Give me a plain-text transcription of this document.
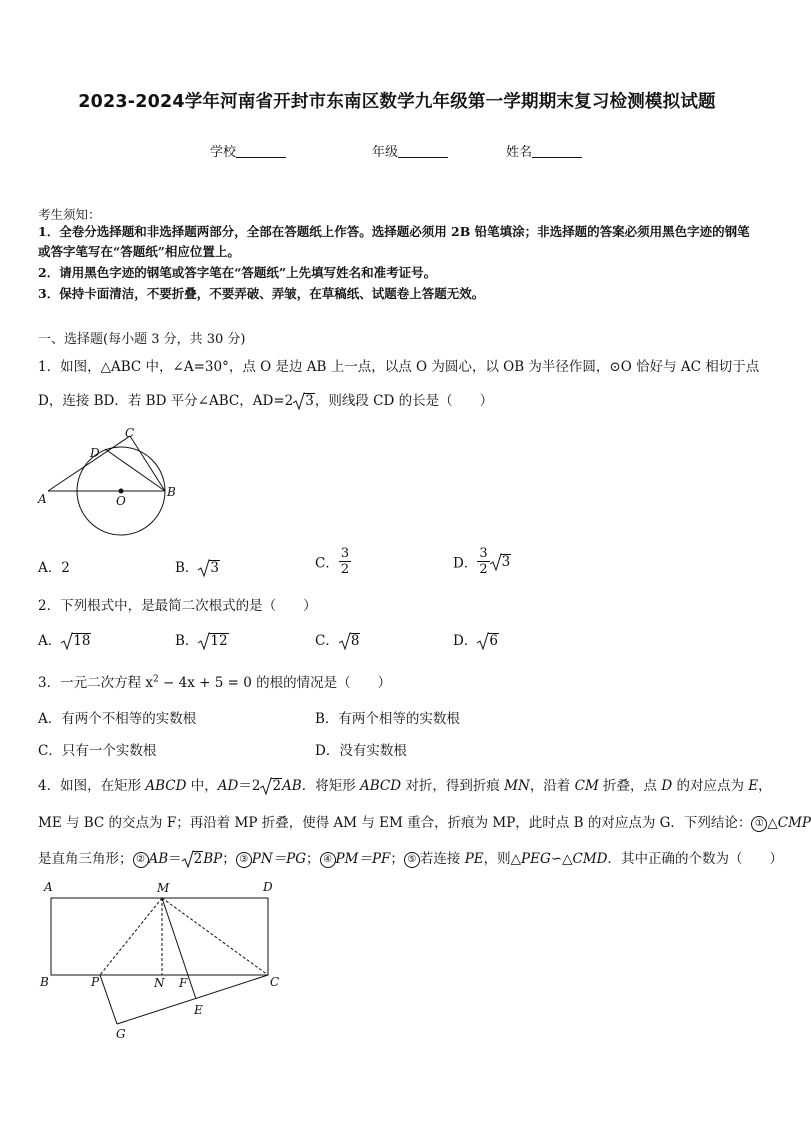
2023-2024学年河南省开封市东南区数学九年级第一学期期末复习检测模拟试题
学校	年级	姓名
考生须知：
1．全卷分选择题和非选择题两部分，全部在答题纸上作答。选择题必须用 2B 铅笔填涂；非选择题的答案必须用黑色字迹的钢笔或答字笔写在“答题纸”相应位置上。
2．请用黑色字迹的钢笔或答字笔在“答题纸”上先填写姓名和准考证号。
3．保持卡面清洁，不要折叠，不要弄破、弄皱，在草稿纸、试题卷上答题无效。
一、选择题(每小题 3 分，共 30 分)
1．如图，△ABC 中，∠A=30°，点 O 是边 AB 上一点，以点 O 为圆心，以 OB 为半径作圆，⊙O 恰好与 AC 相切于点
D，连接 BD．若 BD 平分∠ABC，AD=2 3，则线段 CD 的长是（　　）
A	B
C
D
O
A．2	B． 3	C． $\frac{3}{2}$	D． $\frac{3}{2} 3$
2．下列根式中，是最简二次根式的是（　　）
A． 18	B． 12	C． 8	D． 6
3．一元二次方程 $x^2 - 4x + 5 = 0$ 的根的情况是（　　）
A．有两个不相等的实数根	B．有两个相等的实数根
C．只有一个实数根	D．没有实数根
4．如图，在矩形 ABCD 中，AD＝2 2AB．将矩形 ABCD 对折，得到折痕 MN，沿着 CM 折叠，点 D 的对应点为 E，
ME 与 BC 的交点为 F；再沿着 MP 折叠，使得 AM 与 EM 重合，折痕为 MP，此时点 B 的对应点为 G．下列结论： ① △CMP
是直角三角形； ② AB＝ 2BP； ③ PN＝PG； ④ PM＝PF； ⑤ 若连接 PE，则△PEG∽△CMD．其中正确的个数为（　　）
A	M	D
B	P	N F	C
E
G
